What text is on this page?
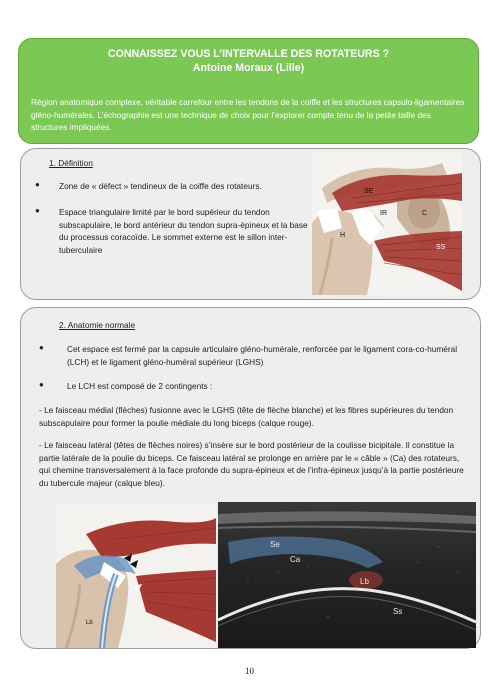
CONNAISSEZ VOUS L’INTERVALLE DES ROTATEURS ?
Antoine Moraux (Lille)
Région anatomique complexe, véritable carrefour entre les tendons de la coiffe et les structures capsulo-ligamentaires gléno-humérales. L’échographie est une technique de choix pour l’explorer compte tenu de la petite taille des structures impliquées.
1. Définition
● Zone de « défect » tendineux de la coiffe des rotateurs.
● Espace triangulaire limité par le bord supérieur du tendon subscapulaire, le bord antérieur du tendon supra-épineux et la base du processus coracoïde. Le sommet externe est le sillon inter-tuberculaire
SE
IR	C
H
SS
2. Anatomie normale
●	Cet espace est fermé par la capsule articulaire gléno-humérale, renforcée par le ligament cora-co-huméral (LCH) et le ligament gléno-huméral supérieur (LGHS)
●	Le LCH est composé de 2 contingents :
- Le faisceau médial (flèches) fusionne avec le LGHS (tête de flèche blanche) et les fibres supérieures du tendon subscapulaire pour former la poulie médiale du long biceps (calque rouge).
- Le faisceau latéral (têtes de flèches noires) s’insère sur le bord postérieur de la coulisse bicipitale. Il constitue la partie latérale de la poulie du biceps. Ce faisceau latéral se prolonge en arrière par le « câble » (Ca) des rotateurs, qui chemine transversalement à la face profonde du supra-épineux et de l’infra-épineux jusqu’à la partie postérieure du tubercule majeur (calque bleu).
Lb
Se
Ca
Lb
Ss
10
